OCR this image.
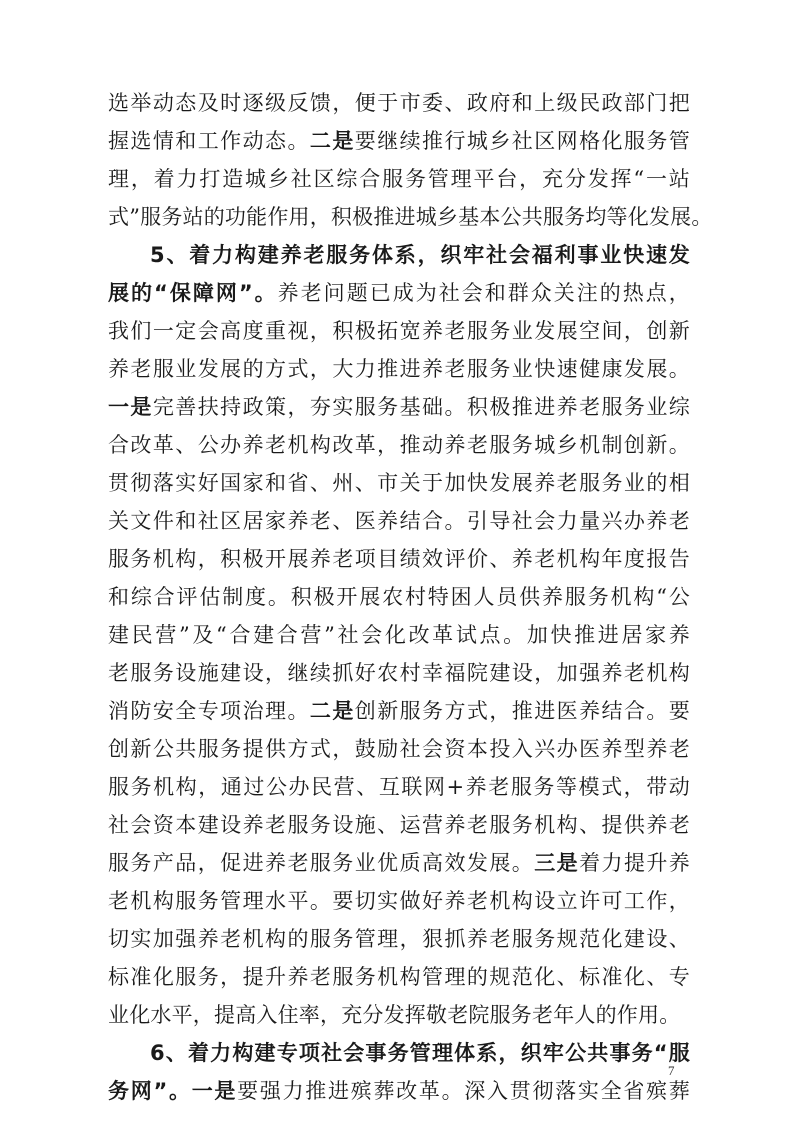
选举动态及时逐级反馈，便于市委、政府和上级民政部门把
握选情和工作动态。二是要继续推行城乡社区网格化服务管
理，着力打造城乡社区综合服务管理平台，充分发挥“一站
式”服务站的功能作用，积极推进城乡基本公共服务均等化发展。
5、着力构建养老服务体系，织牢社会福利事业快速发
展的“保障网”。养老问题已成为社会和群众关注的热点，
我们一定会高度重视，积极拓宽养老服务业发展空间，创新
养老服业发展的方式，大力推进养老服务业快速健康发展。
一是完善扶持政策，夯实服务基础。积极推进养老服务业综
合改革、公办养老机构改革，推动养老服务城乡机制创新。
贯彻落实好国家和省、州、市关于加快发展养老服务业的相
关文件和社区居家养老、医养结合。引导社会力量兴办养老
服务机构，积极开展养老项目绩效评价、养老机构年度报告
和综合评估制度。积极开展农村特困人员供养服务机构“公
建民营”及“合建合营”社会化改革试点。加快推进居家养
老服务设施建设，继续抓好农村幸福院建设，加强养老机构
消防安全专项治理。二是创新服务方式，推进医养结合。要
创新公共服务提供方式，鼓励社会资本投入兴办医养型养老
服务机构，通过公办民营、互联网+养老服务等模式，带动
社会资本建设养老服务设施、运营养老服务机构、提供养老
服务产品，促进养老服务业优质高效发展。三是着力提升养
老机构服务管理水平。要切实做好养老机构设立许可工作，
切实加强养老机构的服务管理，狠抓养老服务规范化建设、
标准化服务，提升养老服务机构管理的规范化、标准化、专
业化水平，提高入住率，充分发挥敬老院服务老年人的作用。
6、着力构建专项社会事务管理体系，织牢公共事务“服
务网”。一是要强力推进殡葬改革。深入贯彻落实全省殡葬
7
